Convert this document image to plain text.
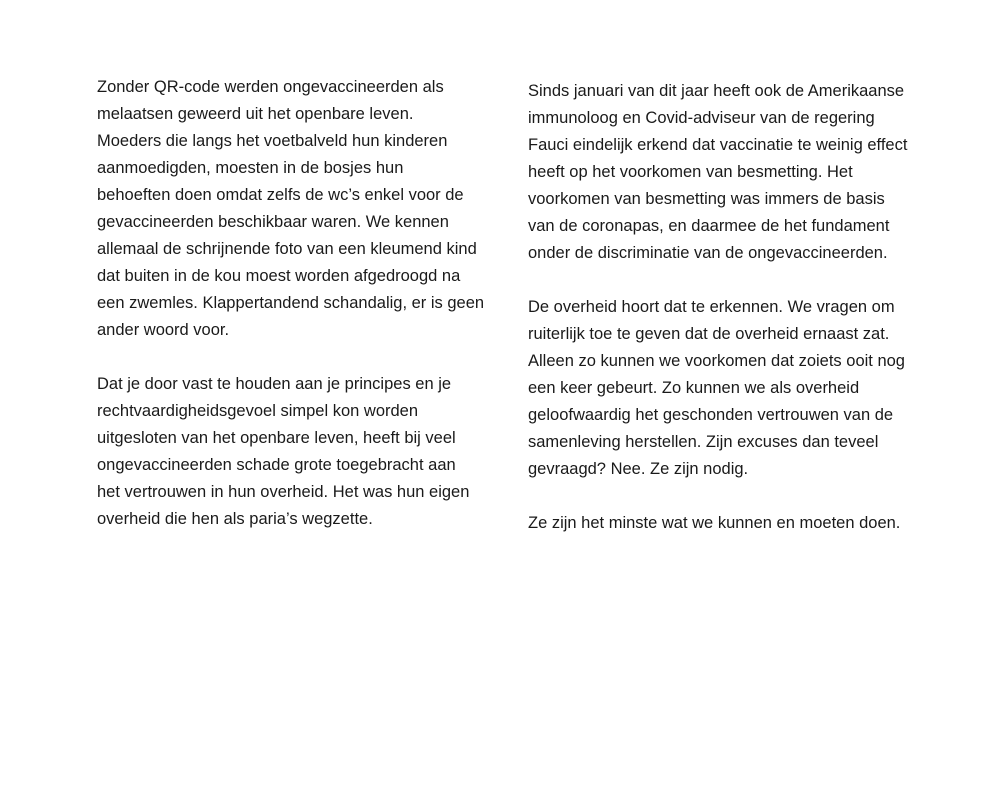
Zonder QR-code werden ongevaccineerden als
melaatsen geweerd uit het openbare leven.
Moeders die langs het voetbalveld hun kinderen
aanmoedigden, moesten in de bosjes hun
behoeften doen omdat zelfs de wc’s enkel voor de
gevaccineerden beschikbaar waren. We kennen
allemaal de schrijnende foto van een kleumend kind
dat buiten in de kou moest worden afgedroogd na
een zwemles. Klappertandend schandalig, er is geen
ander woord voor.

Dat je door vast te houden aan je principes en je
rechtvaardigheidsgevoel simpel kon worden
uitgesloten van het openbare leven, heeft bij veel
ongevaccineerden schade grote toegebracht aan
het vertrouwen in hun overheid. Het was hun eigen
overheid die hen als paria’s wegzette.

Sinds januari van dit jaar heeft ook de Amerikaanse
immunoloog en Covid-adviseur van de regering
Fauci eindelijk erkend dat vaccinatie te weinig effect
heeft op het voorkomen van besmetting. Het
voorkomen van besmetting was immers de basis
van de coronapas, en daarmee de het fundament
onder de discriminatie van de ongevaccineerden.

De overheid hoort dat te erkennen. We vragen om
ruiterlijk toe te geven dat de overheid ernaast zat.
Alleen zo kunnen we voorkomen dat zoiets ooit nog
een keer gebeurt. Zo kunnen we als overheid
geloofwaardig het geschonden vertrouwen van de
samenleving herstellen. Zijn excuses dan teveel
gevraagd? Nee. Ze zijn nodig.

Ze zijn het minste wat we kunnen en moeten doen.
